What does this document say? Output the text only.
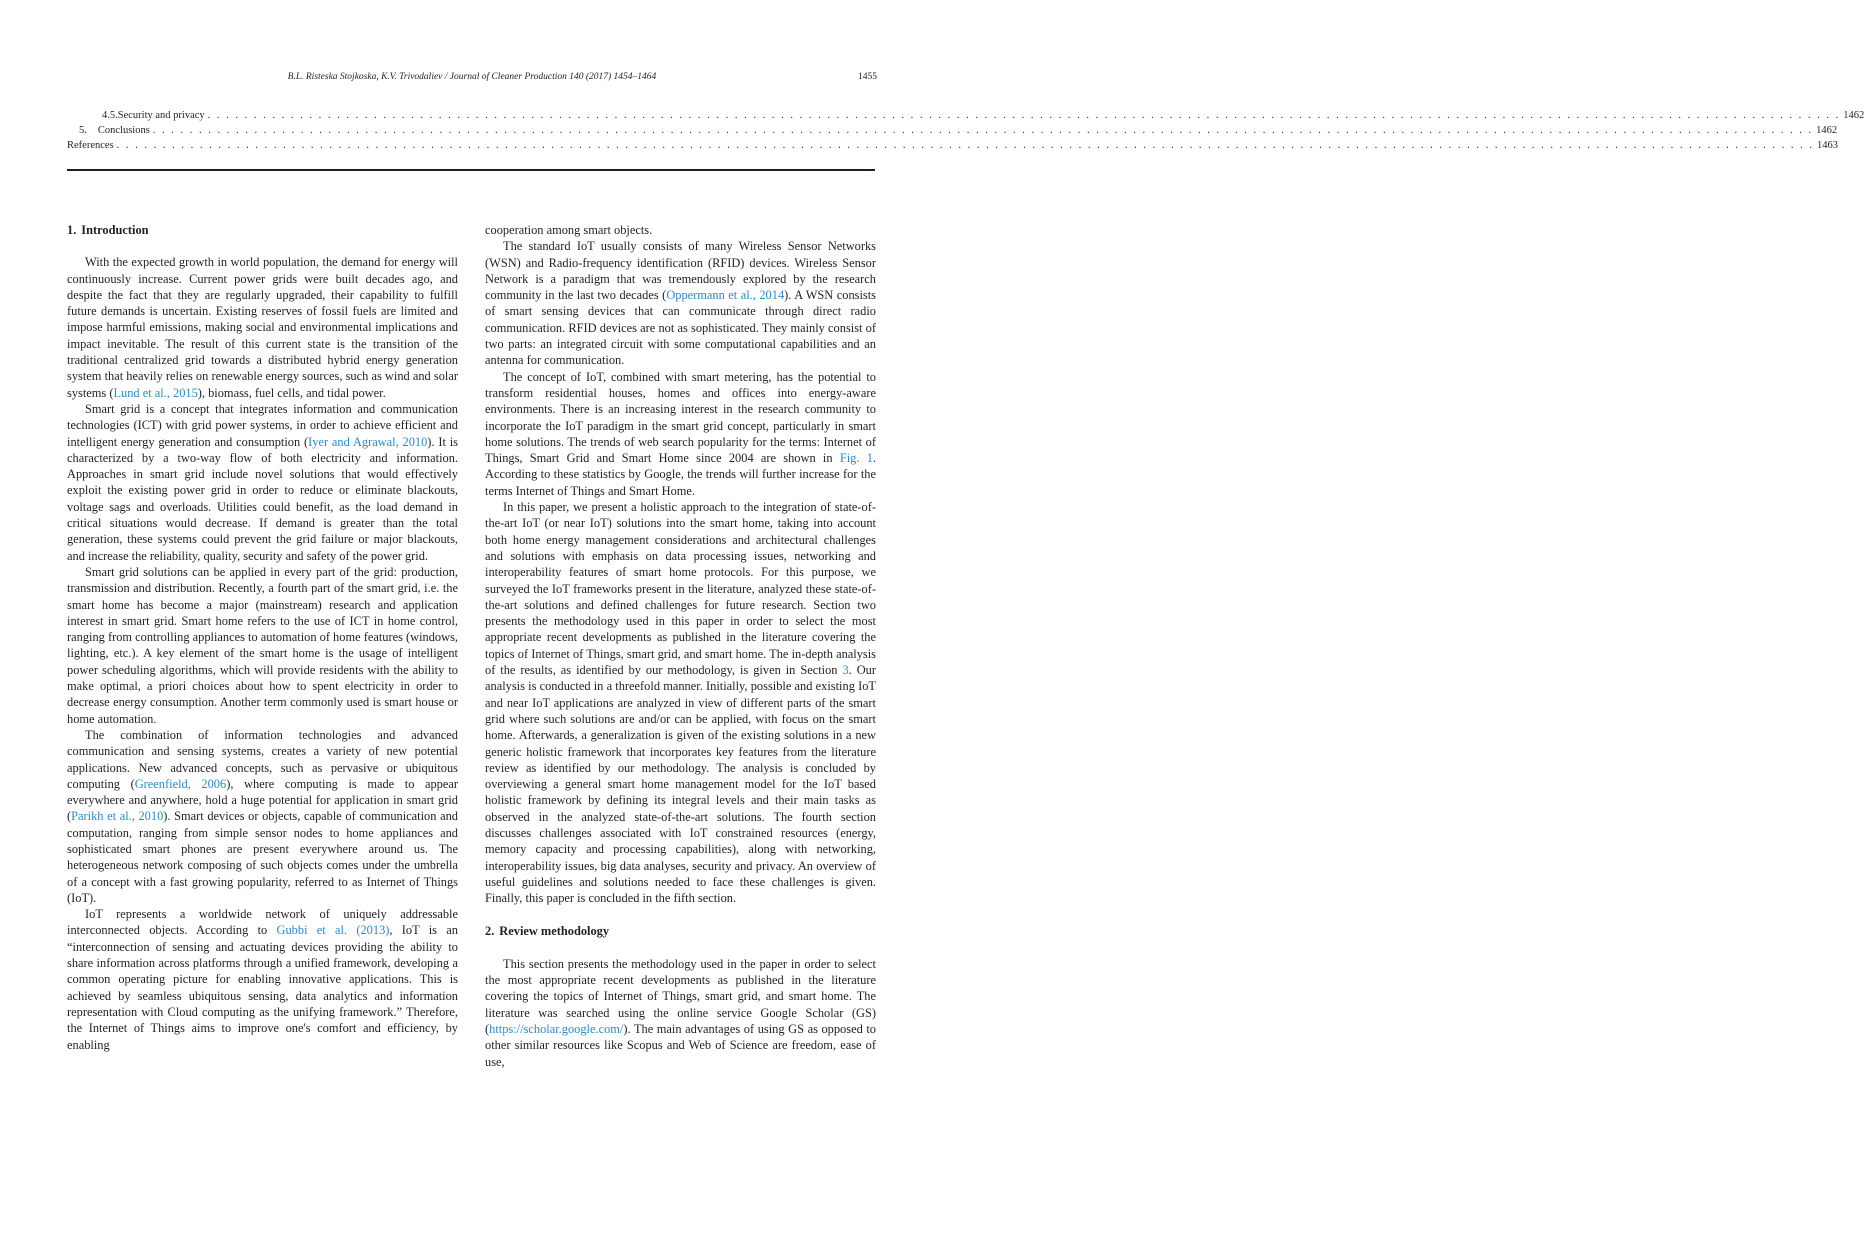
B.L. Risteska Stojkoska, K.V. Trivodaliev / Journal of Cleaner Production 140 (2017) 1454–1464	1455
4.5. Security and privacy . . . . . . . . . . . . . . . . . . . . . . . . . . . . . . . . . . . . . . . . . . . . . . . . . . . . . . . . . . . . . . . . . . . . . . . . . . . . . . . . . . . . . . . . . . . . . . . . . . . . . . . . . . . . . . . . . . . . . . . . . . . . . . . . . . . . . . . . . . . . . . . . . . . . . . . . . . . . . . . . . . . . . . . . . . . . . . . . . 1462
5.	Conclusions . . . . . . . . . . . . . . . . . . . . . . . . . . . . . . . . . . . . . . . . . . . . . . . . . . . . . . . . . . . . . . . . . . . . . . . . . . . . . . . . . . . . . . . . . . . . . . . . . . . . . . . . . . . . . . . . . . . . . . . . . . . . . . . . . . . . . . . . . . . . . . . . . . . . . . . . . . . . . . . . . . . . . . . . . . . . . . . . . . . . 1462
References . . . . . . . . . . . . . . . . . . . . . . . . . . . . . . . . . . . . . . . . . . . . . . . . . . . . . . . . . . . . . . . . . . . . . . . . . . . . . . . . . . . . . . . . . . . . . . . . . . . . . . . . . . . . . . . . . . . . . . . . . . . . . . . . . . . . . . . . . . . . . . . . . . . . . . . . . . . . . . . . . . . . . . . . . . . . . . . . . . . . . . . . 1463
1. Introduction

With the expected growth in world population, the demand for energy will continuously increase. Current power grids were built decades ago, and despite the fact that they are regularly upgraded, their capability to fulfill future demands is uncertain. Existing reserves of fossil fuels are limited and impose harmful emissions, making social and environmental implications and impact inevitable. The result of this current state is the transition of the traditional centralized grid towards a distributed hybrid energy generation system that heavily relies on renewable energy sources, such as wind and solar systems (Lund et al., 2015), biomass, fuel cells, and tidal power.

Smart grid is a concept that integrates information and communication technologies (ICT) with grid power systems, in order to achieve efficient and intelligent energy generation and consumption (Iyer and Agrawal, 2010). It is characterized by a two-way flow of both electricity and information. Approaches in smart grid include novel solutions that would effectively exploit the existing power grid in order to reduce or eliminate blackouts, voltage sags and overloads. Utilities could benefit, as the load demand in critical situations would decrease. If demand is greater than the total generation, these systems could prevent the grid failure or major blackouts, and increase the reliability, quality, security and safety of the power grid.

Smart grid solutions can be applied in every part of the grid: production, transmission and distribution. Recently, a fourth part of the smart grid, i.e. the smart home has become a major (mainstream) research and application interest in smart grid. Smart home refers to the use of ICT in home control, ranging from controlling appliances to automation of home features (windows, lighting, etc.). A key element of the smart home is the usage of intelligent power scheduling algorithms, which will provide residents with the ability to make optimal, a priori choices about how to spent electricity in order to decrease energy consumption. Another term commonly used is smart house or home automation.

The combination of information technologies and advanced communication and sensing systems, creates a variety of new potential applications. New advanced concepts, such as pervasive or ubiquitous computing (Greenfield, 2006), where computing is made to appear everywhere and anywhere, hold a huge potential for application in smart grid (Parikh et al., 2010). Smart devices or objects, capable of communication and computation, ranging from simple sensor nodes to home appliances and sophisticated smart phones are present everywhere around us. The heterogeneous network composing of such objects comes under the umbrella of a concept with a fast growing popularity, referred to as Internet of Things (IoT).

IoT represents a worldwide network of uniquely addressable interconnected objects. According to Gubbi et al. (2013), IoT is an “interconnection of sensing and actuating devices providing the ability to share information across platforms through a unified framework, developing a common operating picture for enabling innovative applications. This is achieved by seamless ubiquitous sensing, data analytics and information representation with Cloud computing as the unifying framework.” Therefore, the Internet of Things aims to improve one's comfort and efficiency, by enabling

cooperation among smart objects.

The standard IoT usually consists of many Wireless Sensor Networks (WSN) and Radio-frequency identification (RFID) devices. Wireless Sensor Network is a paradigm that was tremendously explored by the research community in the last two decades (Oppermann et al., 2014). A WSN consists of smart sensing devices that can communicate through direct radio communication. RFID devices are not as sophisticated. They mainly consist of two parts: an integrated circuit with some computational capabilities and an antenna for communication.

The concept of IoT, combined with smart metering, has the potential to transform residential houses, homes and offices into energy-aware environments. There is an increasing interest in the research community to incorporate the IoT paradigm in the smart grid concept, particularly in smart home solutions. The trends of web search popularity for the terms: Internet of Things, Smart Grid and Smart Home since 2004 are shown in Fig. 1. According to these statistics by Google, the trends will further increase for the terms Internet of Things and Smart Home.

In this paper, we present a holistic approach to the integration of state-of-the-art IoT (or near IoT) solutions into the smart home, taking into account both home energy management considerations and architectural challenges and solutions with emphasis on data processing issues, networking and interoperability features of smart home protocols. For this purpose, we surveyed the IoT frameworks present in the literature, analyzed these state-of-the-art solutions and defined challenges for future research. Section two presents the methodology used in this paper in order to select the most appropriate recent developments as published in the literature covering the topics of Internet of Things, smart grid, and smart home. The in-depth analysis of the results, as identified by our methodology, is given in Section 3. Our analysis is conducted in a threefold manner. Initially, possible and existing IoT and near IoT applications are analyzed in view of different parts of the smart grid where such solutions are and/or can be applied, with focus on the smart home. Afterwards, a generalization is given of the existing solutions in a new generic holistic framework that incorporates key features from the literature review as identified by our methodology. The analysis is concluded by overviewing a general smart home management model for the IoT based holistic framework by defining its integral levels and their main tasks as observed in the analyzed state-of-the-art solutions. The fourth section discusses challenges associated with IoT constrained resources (energy, memory capacity and processing capabilities), along with networking, interoperability issues, big data analyses, security and privacy. An overview of useful guidelines and solutions needed to face these challenges is given. Finally, this paper is concluded in the fifth section.

2. Review methodology

This section presents the methodology used in the paper in order to select the most appropriate recent developments as published in the literature covering the topics of Internet of Things, smart grid, and smart home. The literature was searched using the online service Google Scholar (GS) (https://scholar.google.com/). The main advantages of using GS as opposed to other similar resources like Scopus and Web of Science are freedom, ease of use,
